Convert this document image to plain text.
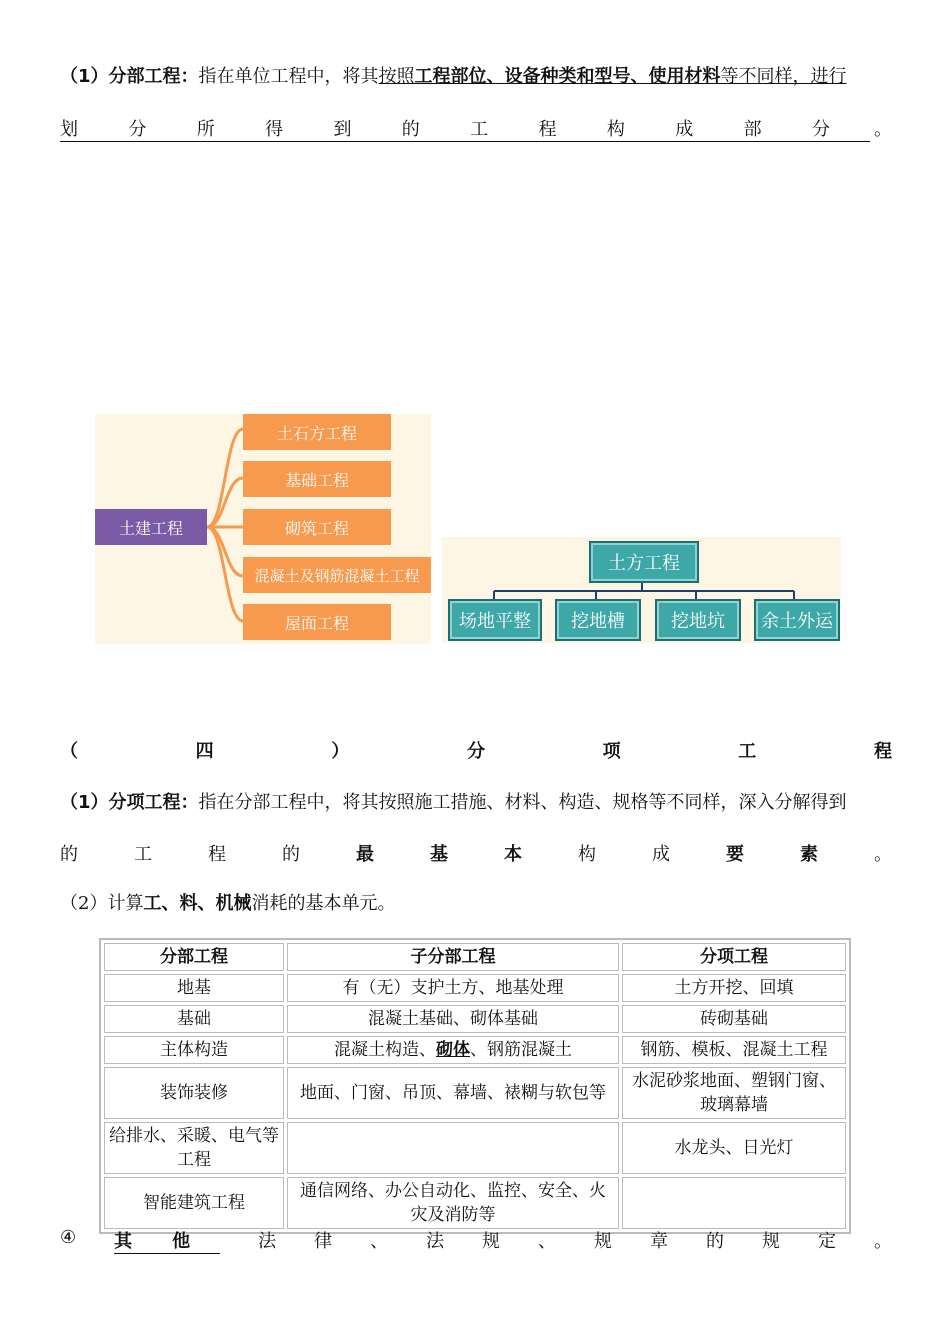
（1）分部工程：指在单位工程中，将其按照工程部位、设备种类和型号、使用材料等不同样，进行
划	分	所	得	到	的	工	程	构	成	部	分 。
土建工程
土石方工程
基础工程
砌筑工程
混凝土及钢筋混凝土工程
屋面工程
土方工程
场地平整	挖地槽	挖地坑	余土外运
（	四	）	分	项	工	程
（1）分项工程：指在分部工程中，将其按照施工措施、材料、构造、规格等不同样，深入分解得到
的	工	程	的	最	基	本	构	成	要	素	。
（2）计算工、料、机械消耗的基本单元。
分部工程	子分部工程	分项工程
地基	有（无）支护土方、地基处理	土方开挖、回填
基础	混凝土基础、砌体基础	砖砌基础
主体构造	混凝土构造、砌体、钢筋混凝土	钢筋、模板、混凝土工程
装饰装修	地面、门窗、吊顶、幕墙、裱糊与软包等	水泥砂浆地面、塑钢门窗、玻璃幕墙
给排水、采暖、电气等工程		水龙头、日光灯
智能建筑工程	通信网络、办公自动化、监控、安全、火灾及消防等	
④ 其 他	法 律 、 法 规 、 规 章 的 规 定 。
